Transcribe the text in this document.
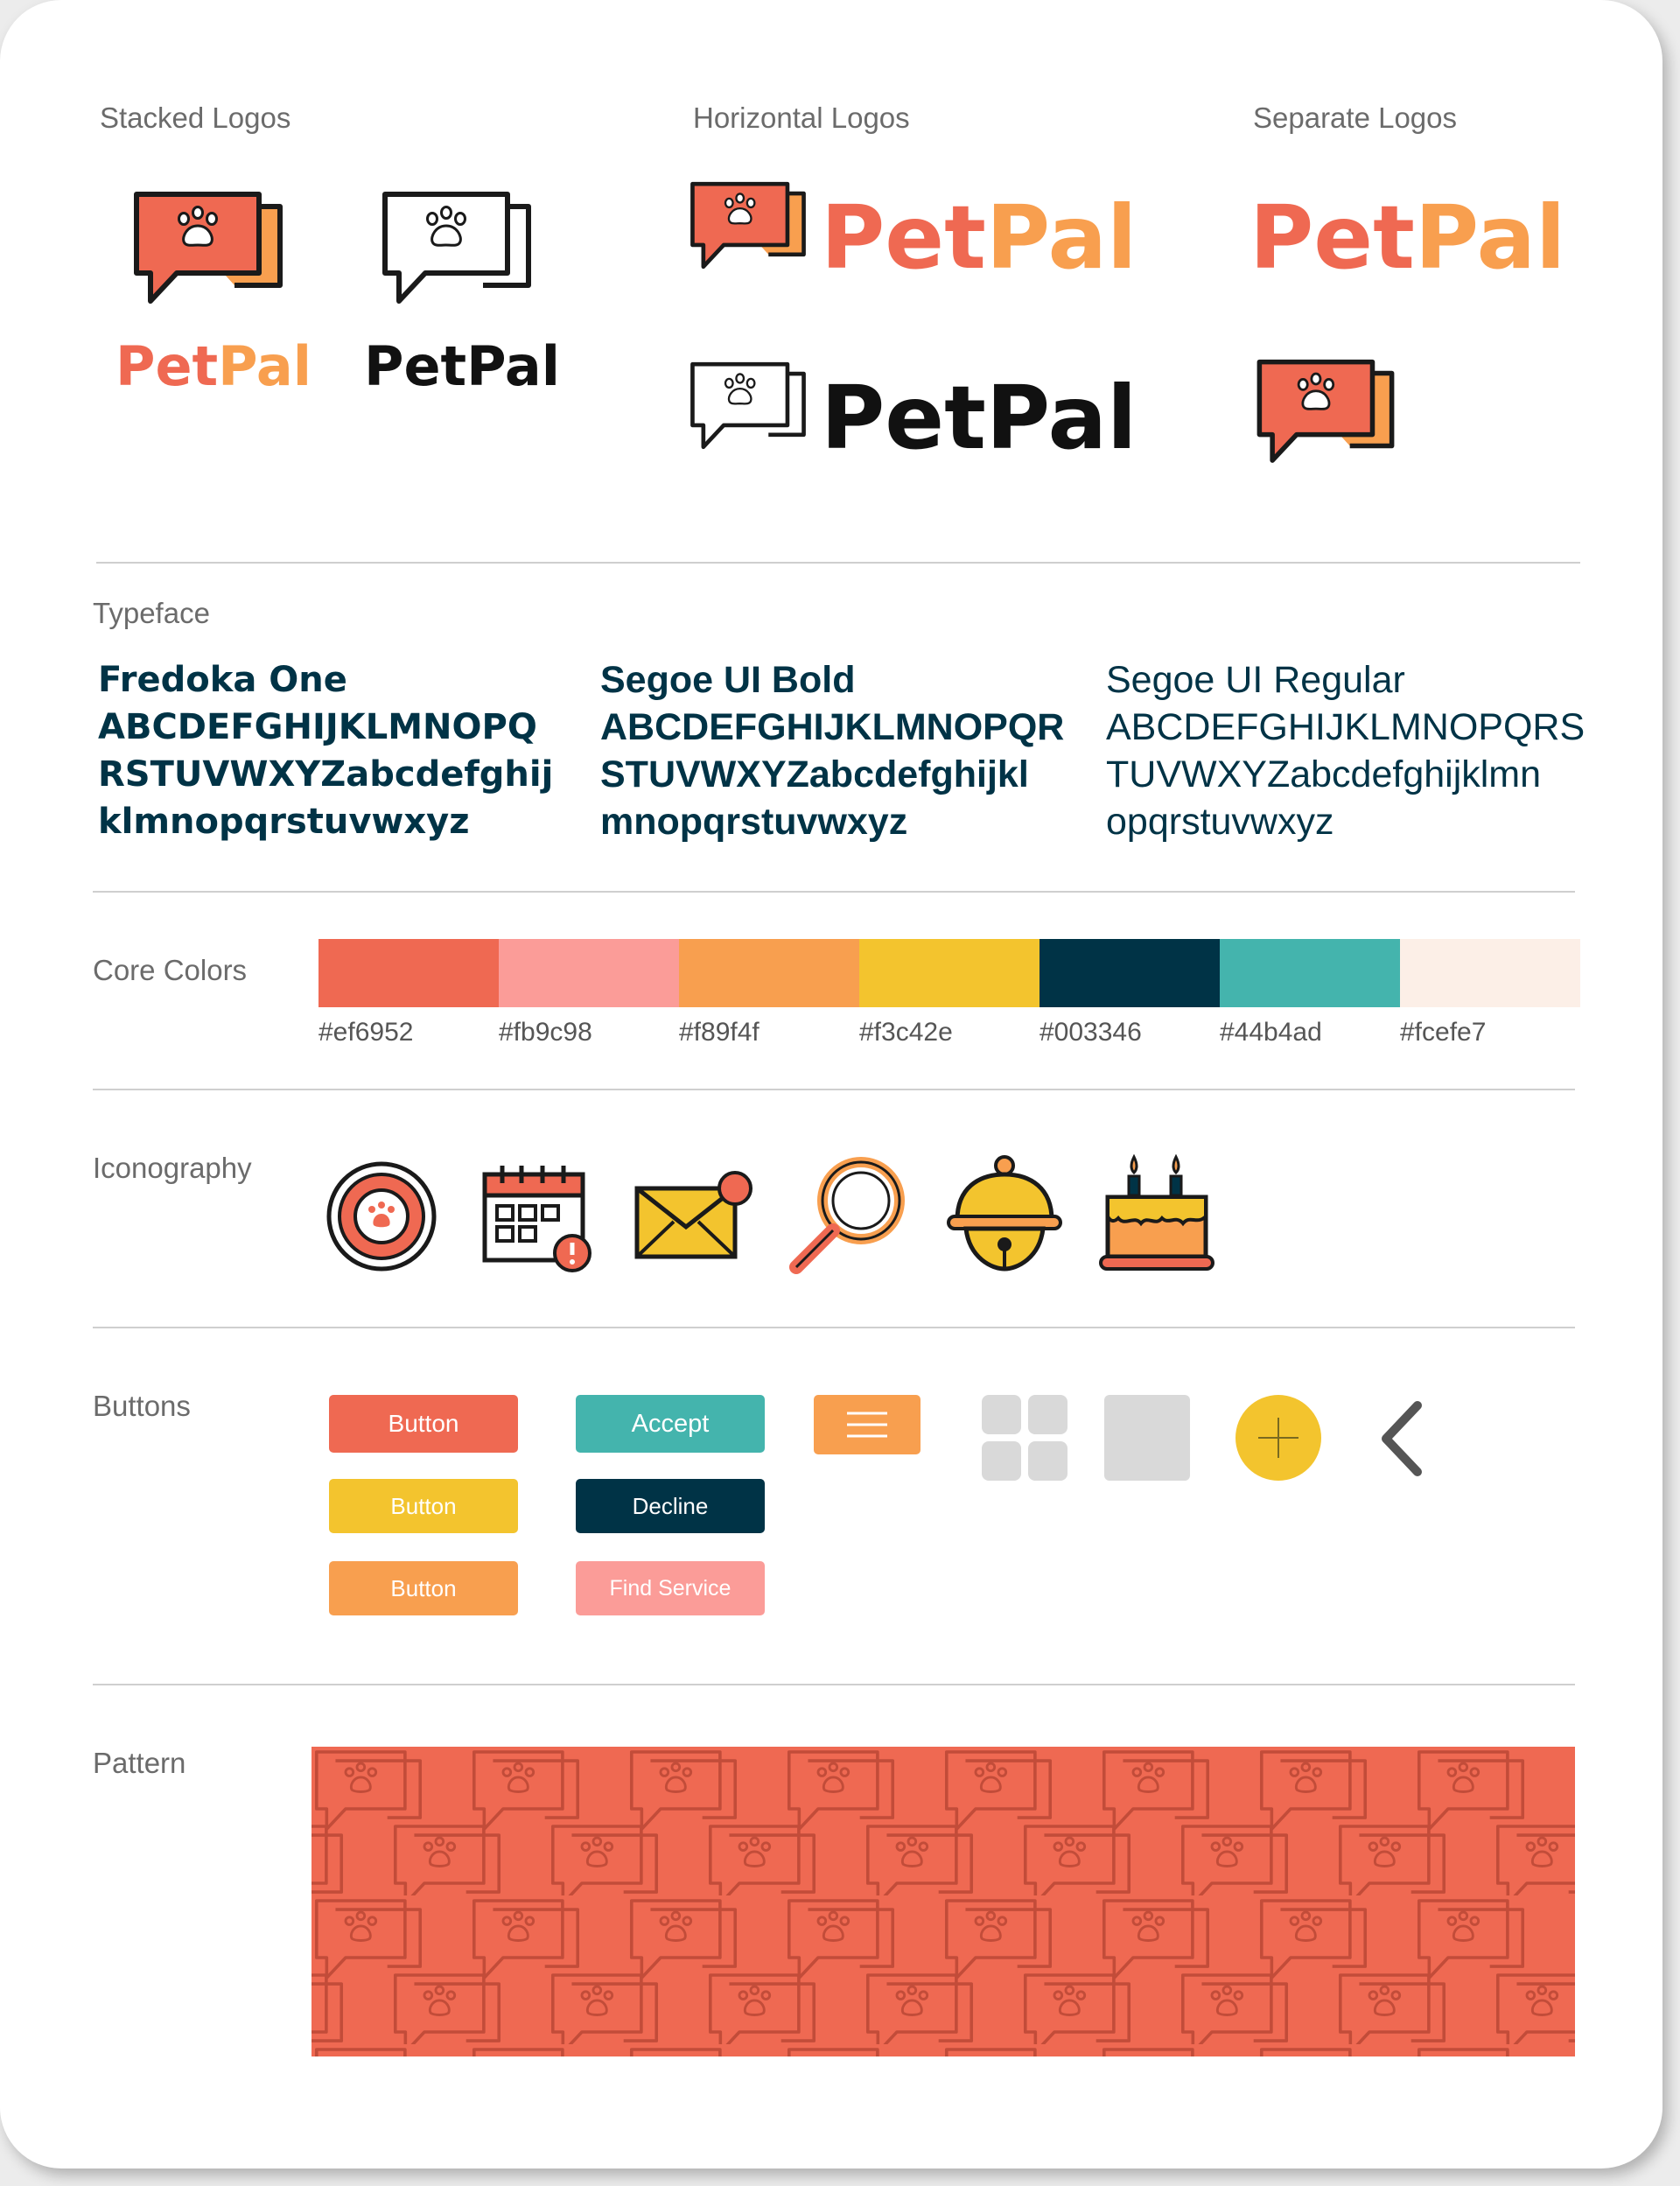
Stacked Logos	Horizontal Logos	Separate Logos
PetPal PetPal
PetPal
PetPal
PetPal
Typeface
Fredoka One
ABCDEFGHIJKLMNOPQ
RSTUVWXYZabcdefghij
klmnopqrstuvwxyz
Segoe UI Bold
ABCDEFGHIJKLMNOPQR
STUVWXYZabcdefghijkl
mnopqrstuvwxyz
Segoe UI Regular
ABCDEFGHIJKLMNOPQRS
TUVWXYZabcdefghijklmn
opqrstuvwxyz
Core Colors
#ef6952	#fb9c98	#f89f4f	#f3c42e	#003346	#44b4ad	#fcefe7
Iconography
Buttons
Button
Button
Button
Accept
Decline
Find Service
Pattern
